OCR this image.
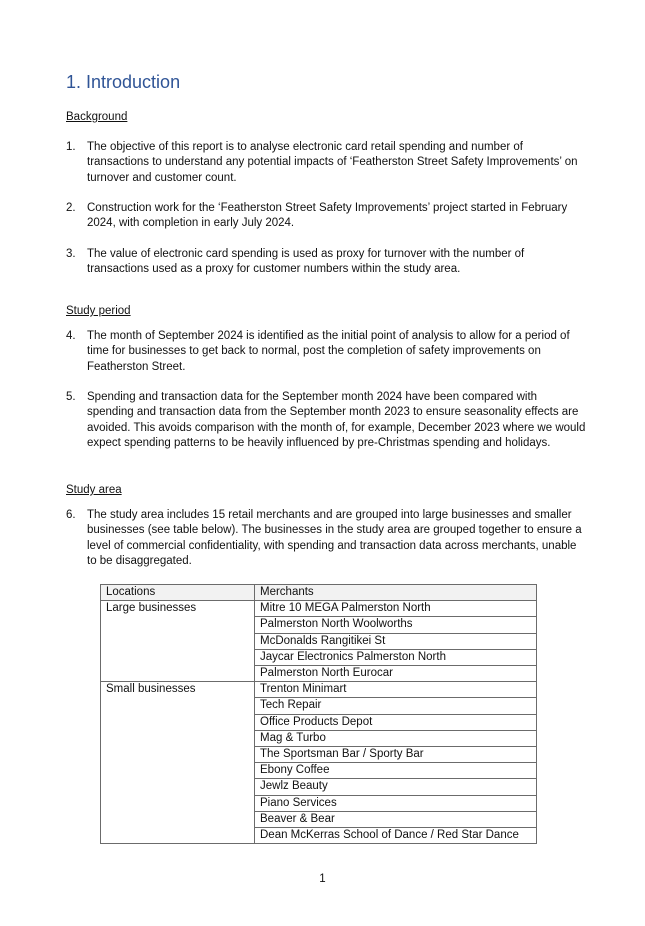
1. Introduction
Background
1. The objective of this report is to analyse electronic card retail spending and number of transactions to understand any potential impacts of ‘Featherston Street Safety Improvements’ on turnover and customer count.
2. Construction work for the ‘Featherston Street Safety Improvements’ project started in February 2024, with completion in early July 2024.
3. The value of electronic card spending is used as proxy for turnover with the number of transactions used as a proxy for customer numbers within the study area.
Study period
4. The month of September 2024 is identified as the initial point of analysis to allow for a period of time for businesses to get back to normal, post the completion of safety improvements on Featherston Street.
5. Spending and transaction data for the September month 2024 have been compared with spending and transaction data from the September month 2023 to ensure seasonality effects are avoided. This avoids comparison with the month of, for example, December 2023 where we would expect spending patterns to be heavily influenced by pre-Christmas spending and holidays.
Study area
6. The study area includes 15 retail merchants and are grouped into large businesses and smaller businesses (see table below). The businesses in the study area are grouped together to ensure a level of commercial confidentiality, with spending and transaction data across merchants, unable to be disaggregated.
Locations	Merchants
Large businesses	Mitre 10 MEGA Palmerston North
	Palmerston North Woolworths
	McDonalds Rangitikei St
	Jaycar Electronics Palmerston North
	Palmerston North Eurocar
Small businesses	Trenton Minimart
	Tech Repair
	Office Products Depot
	Mag & Turbo
	The Sportsman Bar / Sporty Bar
	Ebony Coffee
	Jewlz Beauty
	Piano Services
	Beaver & Bear
	Dean McKerras School of Dance / Red Star Dance
1
